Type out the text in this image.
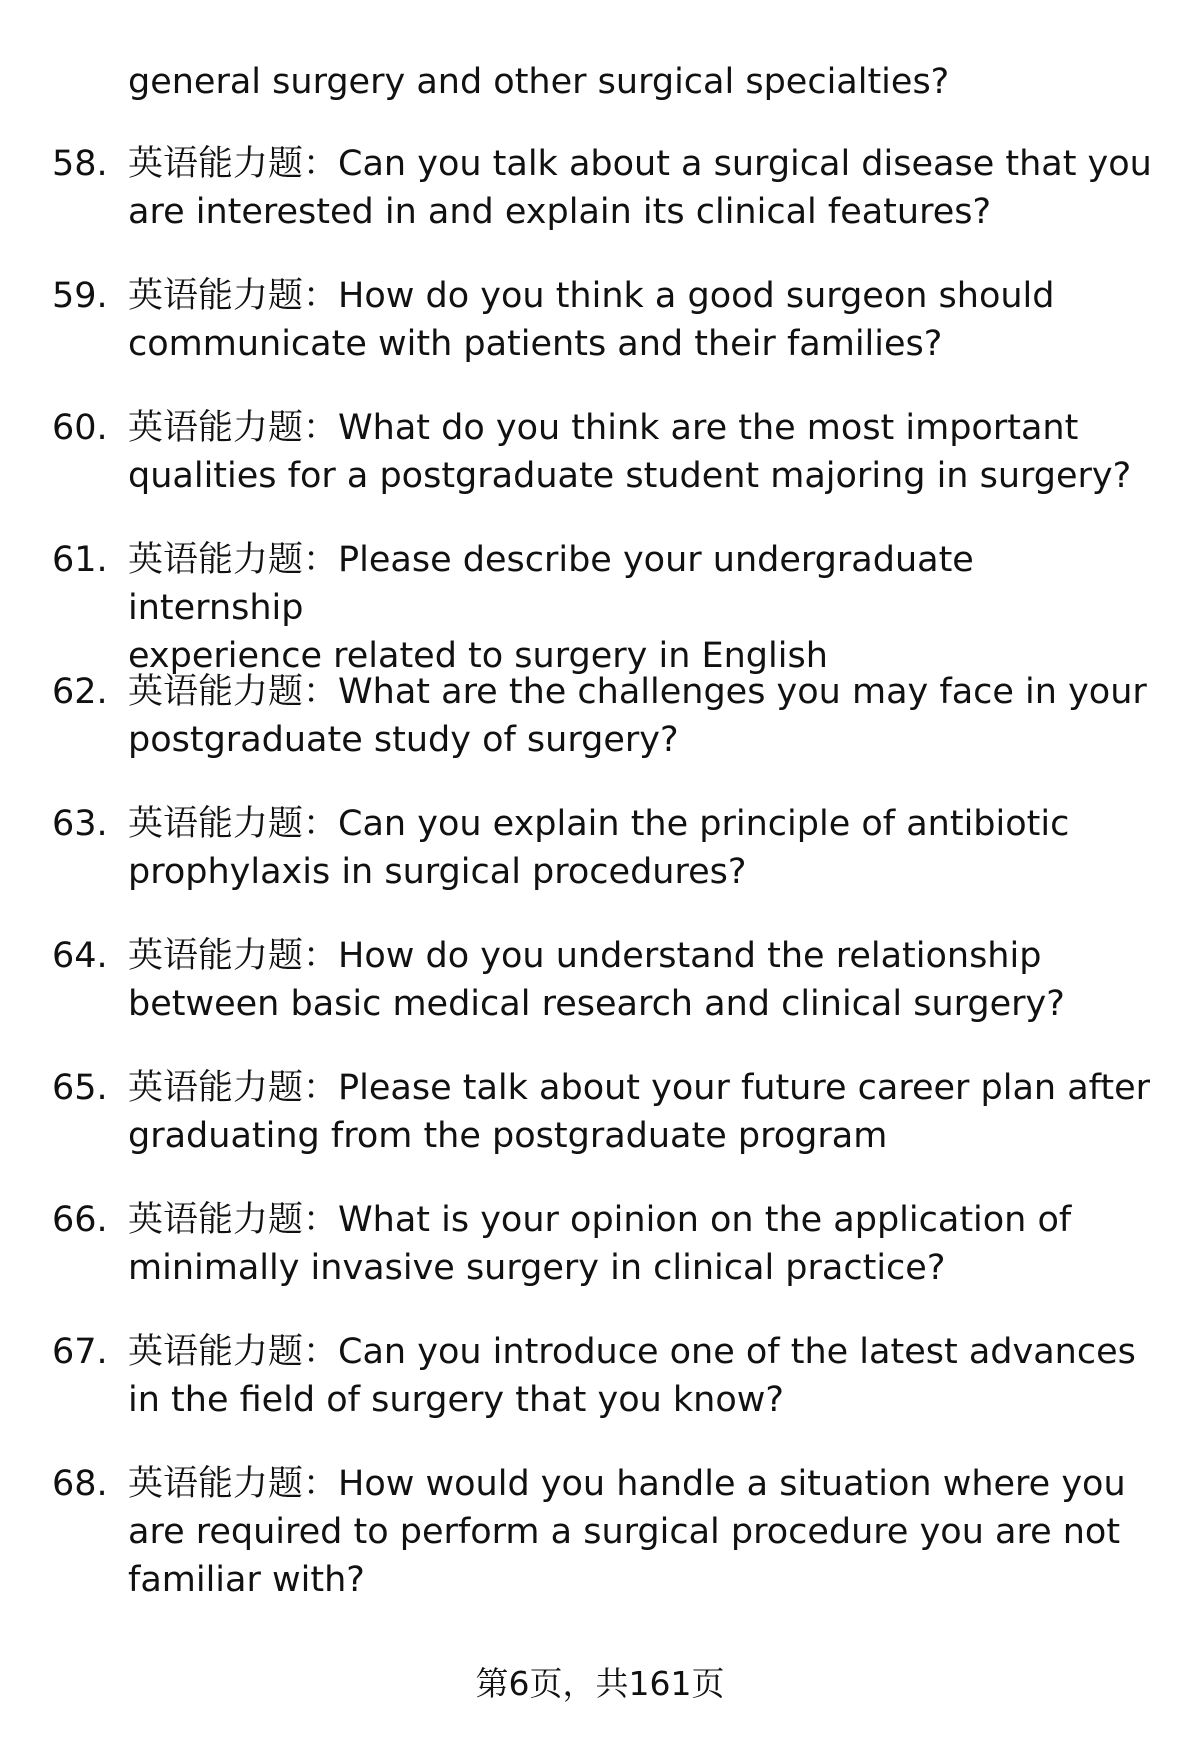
general surgery and other surgical specialties?
58. 英语能力题：Can you talk about a surgical disease that you
are interested in and explain its clinical features?
59. 英语能力题：How do you think a good surgeon should
communicate with patients and their families?
60. 英语能力题：What do you think are the most important
qualities for a postgraduate student majoring in surgery?
61. 英语能力题：Please describe your undergraduate internship
experience related to surgery in English
62. 英语能力题：What are the challenges you may face in your
postgraduate study of surgery?
63. 英语能力题：Can you explain the principle of antibiotic
prophylaxis in surgical procedures?
64. 英语能力题：How do you understand the relationship
between basic medical research and clinical surgery?
65. 英语能力题：Please talk about your future career plan after
graduating from the postgraduate program
66. 英语能力题：What is your opinion on the application of
minimally invasive surgery in clinical practice?
67. 英语能力题：Can you introduce one of the latest advances
in the field of surgery that you know?
68. 英语能力题：How would you handle a situation where you
are required to perform a surgical procedure you are not
familiar with?
第6页，共161页
